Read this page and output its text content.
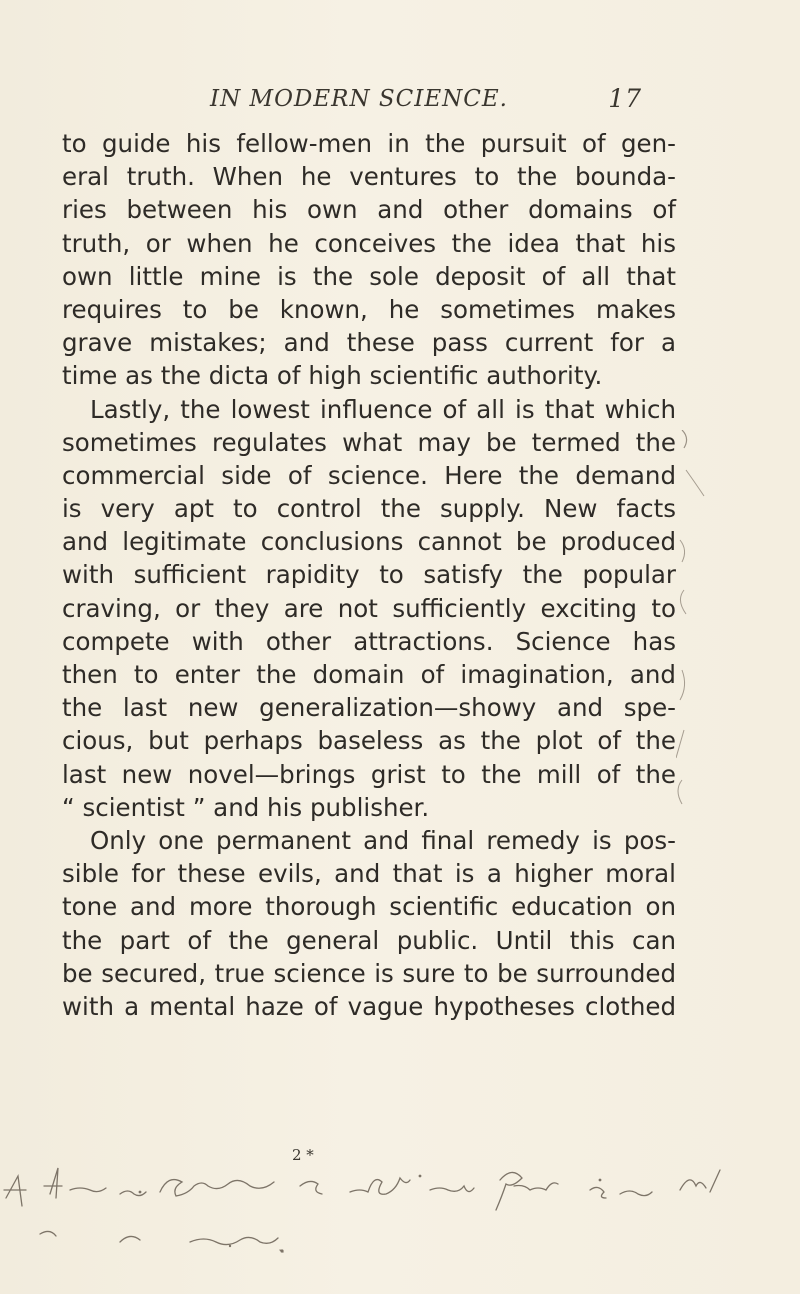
IN MODERN SCIENCE.	17
to guide his fellow-men in the pursuit of gen-
eral truth. When he ventures to the bounda-
ries between his own and other domains of
truth, or when he conceives the idea that his
own little mine is the sole deposit of all that
requires to be known, he sometimes makes
grave mistakes; and these pass current for a
time as the dicta of high scientific authority.
Lastly, the lowest influence of all is that which
sometimes regulates what may be termed the
commercial side of science. Here the demand
is very apt to control the supply. New facts
and legitimate conclusions cannot be produced
with sufficient rapidity to satisfy the popular
craving, or they are not sufficiently exciting to
compete with other attractions. Science has
then to enter the domain of imagination, and
the last new generalization—showy and spe-
cious, but perhaps baseless as the plot of the
last new novel—brings grist to the mill of the
“ scientist ” and his publisher.
Only one permanent and final remedy is pos-
sible for these evils, and that is a higher moral
tone and more thorough scientific education on
the part of the general public. Until this can
be secured, true science is sure to be surrounded
with a mental haze of vague hypotheses clothed
2 *
